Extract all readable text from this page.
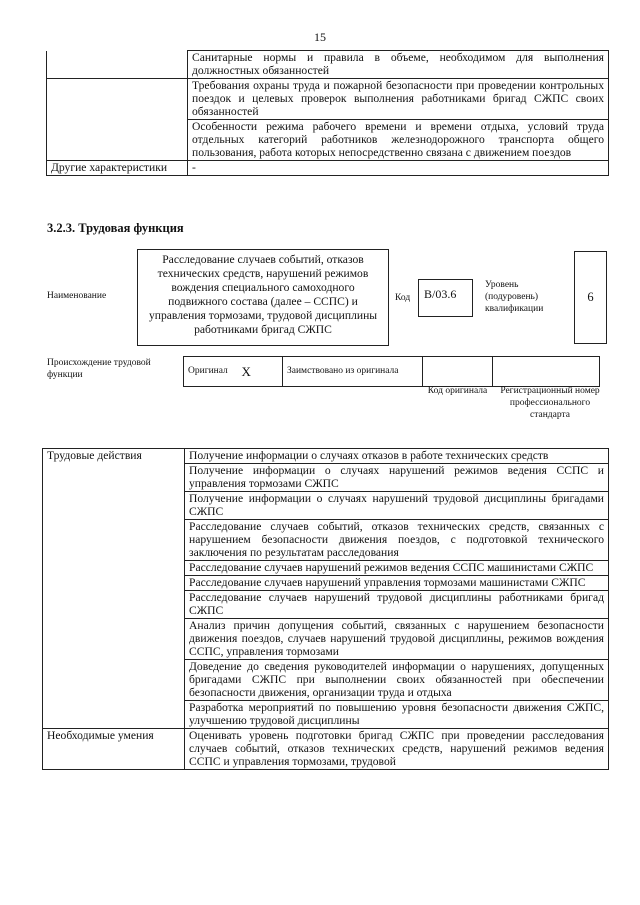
15
	Санитарные нормы и правила в объеме, необходимом для выполнения должностных обязанностей
	Требования охраны труда и пожарной безопасности при проведении контрольных поездок и целевых проверок выполнения работниками бригад СЖПС своих обязанностей
	Особенности режима рабочего времени и времени отдыха, условий труда отдельных категорий работников железнодорожного транспорта общего пользования, работа которых непосредственно связана с движением поездов
Другие характеристики	-
3.2.3. Трудовая функция
Наименование
Расследование случаев событий, отказов технических средств, нарушений режимов вождения специального самоходного подвижного состава (далее – ССПС) и управления тормозами, трудовой дисциплины работниками бригад СЖПС
Код	B/03.6
Уровень (подуровень) квалификации
6
Происхождение трудовой функции	Оригинал	X	Заимствовано из оригинала		
Код оригинала	Регистрационный номер профессионального стандарта
Трудовые действия	Получение информации о случаях отказов в работе технических средств
	Получение информации о случаях нарушений режимов ведения ССПС и управления тормозами СЖПС
	Получение информации о случаях нарушений трудовой дисциплины бригадами СЖПС
	Расследование случаев событий, отказов технических средств, связанных с нарушением безопасности движения поездов, с подготовкой технического заключения по результатам расследования
	Расследование случаев нарушений режимов ведения ССПС машинистами СЖПС
	Расследование случаев нарушений управления тормозами машинистами СЖПС
	Расследование случаев нарушений трудовой дисциплины работниками бригад СЖПС
	Анализ причин допущения событий, связанных с нарушением безопасности движения поездов, случаев нарушений трудовой дисциплины, режимов вождения ССПС, управления тормозами
	Доведение до сведения руководителей информации о нарушениях, допущенных бригадами СЖПС при выполнении своих обязанностей при обеспечении безопасности движения, организации труда и отдыха
	Разработка мероприятий по повышению уровня безопасности движения СЖПС, улучшению трудовой дисциплины
Необходимые умения	Оценивать уровень подготовки бригад СЖПС при проведении расследования случаев событий, отказов технических средств, нарушений режимов ведения ССПС и управления тормозами, трудовой
